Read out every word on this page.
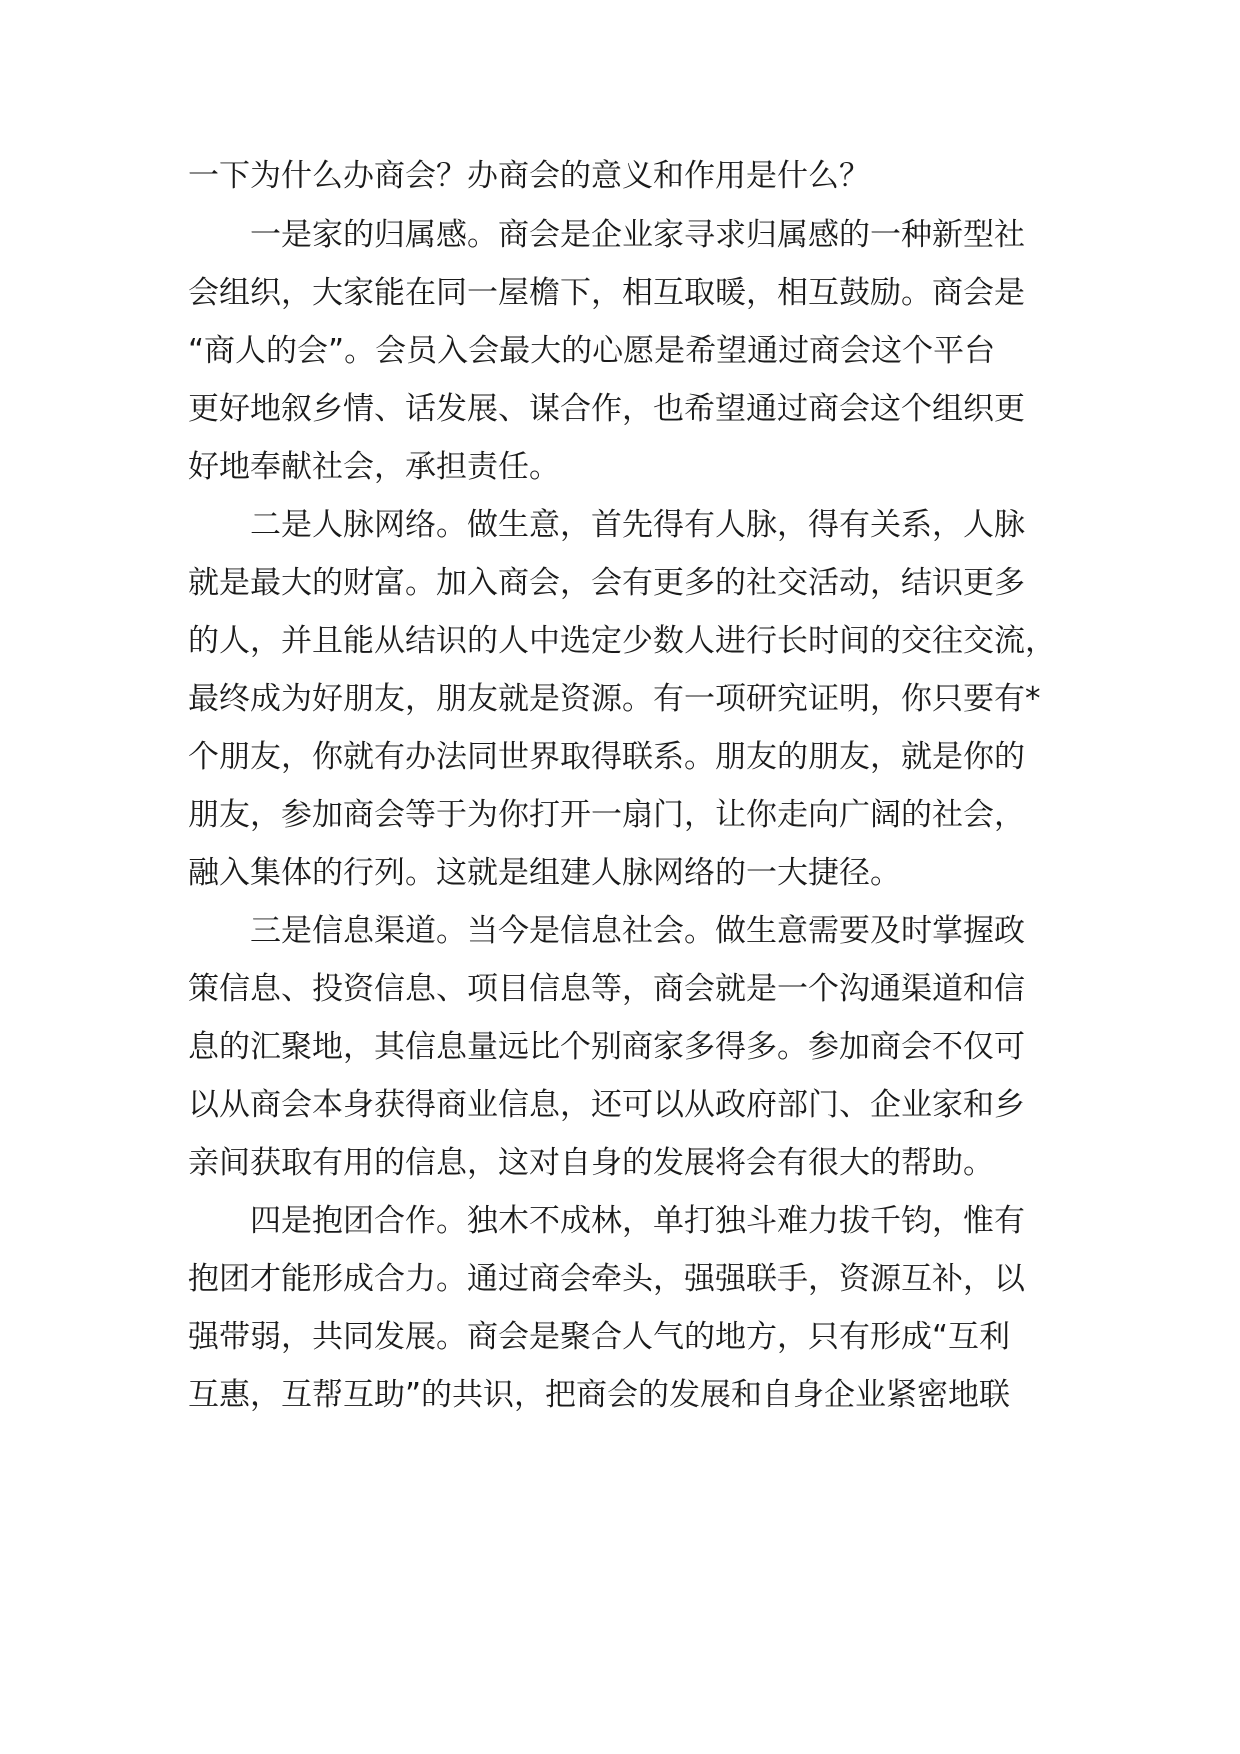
一下为什么办商会？办商会的意义和作用是什么？
一是家的归属感。商会是企业家寻求归属感的一种新型社
会组织，大家能在同一屋檐下，相互取暖，相互鼓励。商会是
“商人的会”。会员入会最大的心愿是希望通过商会这个平台
更好地叙乡情、话发展、谋合作，也希望通过商会这个组织更
好地奉献社会，承担责任。
二是人脉网络。做生意，首先得有人脉，得有关系，人脉
就是最大的财富。加入商会，会有更多的社交活动，结识更多
的人，并且能从结识的人中选定少数人进行长时间的交往交流，
最终成为好朋友，朋友就是资源。有一项研究证明，你只要有*
个朋友，你就有办法同世界取得联系。朋友的朋友，就是你的
朋友，参加商会等于为你打开一扇门，让你走向广阔的社会，
融入集体的行列。这就是组建人脉网络的一大捷径。
三是信息渠道。当今是信息社会。做生意需要及时掌握政
策信息、投资信息、项目信息等，商会就是一个沟通渠道和信
息的汇聚地，其信息量远比个别商家多得多。参加商会不仅可
以从商会本身获得商业信息，还可以从政府部门、企业家和乡
亲间获取有用的信息，这对自身的发展将会有很大的帮助。
四是抱团合作。独木不成林，单打独斗难力拔千钧，惟有
抱团才能形成合力。通过商会牵头，强强联手，资源互补，以
强带弱，共同发展。商会是聚合人气的地方，只有形成“互利
互惠，互帮互助”的共识，把商会的发展和自身企业紧密地联
